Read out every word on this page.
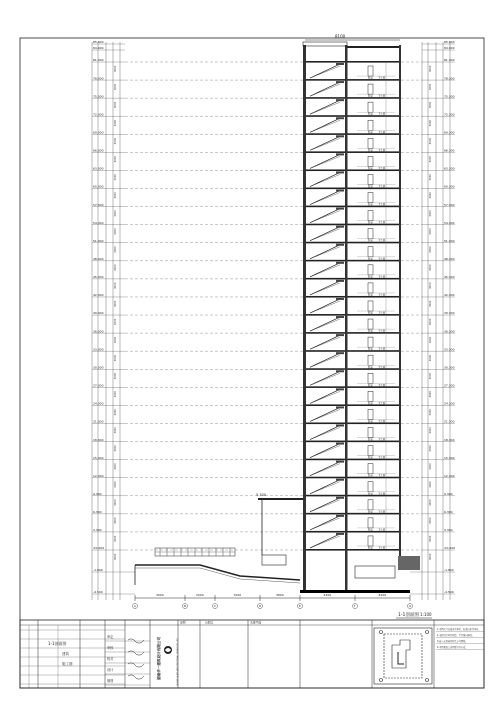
85.800
84.900
81.300
3000
78.300
3000
75.300
3000
72.300
3000
69.300
3000
66.300
3000
63.300
3000
60.300
3000
57.300
3000
54.300
3000
51.300
3000
48.300
3000
45.300
3000
42.300
3000
39.300
3000
36.300
3000
33.300
3000
30.300
3000
27.300
3000
24.300
3000
21.300
3000
18.300
3000
15.300
3000
12.300
3000
9.300
3000
6.300
3000
3.300
3000
±0.000
3000
-1.800
-4.500
85.800
84.900
81.300
3000
78.300
3000
75.300
3000
72.300
3000
69.300
3000
66.300
3000
63.300
3000
60.300
3000
57.300
3000
54.300
3000
51.300
3000
48.300
3000
45.300
3000
42.300
3000
39.300
3000
36.300
3000
33.300
3000
30.300
3000
27.300
3000
24.300
3000
21.300
3000
18.300
3000
15.300
3000
12.300
3000
9.300
3000
6.300
3000
3.300
3000
±0.000
3000
-1.800
-4.500
8100
卧室 卫生间
卧室 卫生间
卧室 卫生间
卧室 卫生间
卧室 卫生间
卧室 卫生间
卧室 卫生间
卧室 卫生间
卧室 卫生间
卧室 卫生间
卧室 卫生间
卧室 卫生间
卧室 卫生间
卧室 卫生间
卧室 卫生间
卧室 卫生间
卧室 卫生间
卧室 卫生间
卧室 卫生间
卧室 卫生间
卧室 卫生间
卧室 卫生间
卧室 卫生间
卧室 卫生间
卧室 卫生间
卧室 卫生间
卧室 卫生间
5.300
3900	2000	7000	3800	4300	8100
A	B	C	D	E	F	G
1-1剖面图 1:100
1-1剖面图
建筑
施工图	湖南华一建筑设计有限公司	HUNAN HUAYI ARCHITECTURAL DESIGN CO.,LTD
审定
审核
校对
设计
制图
说明	出图章	关键平面
1.本图尺寸以毫米为单位，标高以米为单位。
2.未经设计单位同意，不得擅自修改。
3.施工前请核对相关专业图纸。
4.本图须加盖出图章方为有效。
